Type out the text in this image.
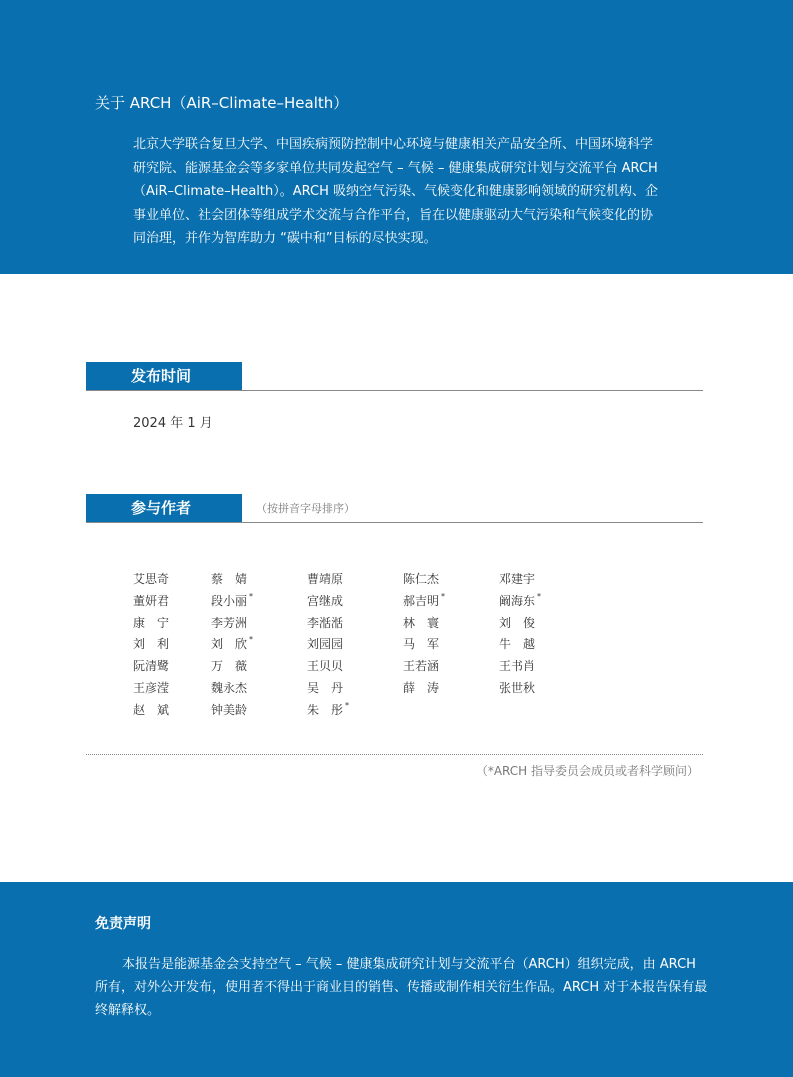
关于 ARCH（AiR–Climate–Health）

北京大学联合复旦大学、中国疾病预防控制中心环境与健康相关产品安全所、中国环境科学
研究院、能源基金会等多家单位共同发起空气 – 气候 – 健康集成研究计划与交流平台 ARCH
（AiR–Climate–Health）。ARCH 吸纳空气污染、气候变化和健康影响领域的研究机构、企
事业单位、社会团体等组成学术交流与合作平台，旨在以健康驱动大气污染和气候变化的协
同治理，并作为智库助力 “碳中和”目标的尽快实现。

发布时间
2024 年 1 月
参与作者	（按拼音字母排序）
艾思奇
董妍君
康　宁
刘　利
阮清鹭
王彦滢
赵　斌
蔡　婧
段小丽 *
李芳洲
刘　欣 *
万　薇
魏永杰
钟美龄
曹靖原
宫继成
李湉湉
刘园园
王贝贝
吴　丹
朱　彤 *
陈仁杰
郝吉明 *
林　寰
马　军
王若涵
薛　涛
邓建宇
阚海东 *
刘　俊
牛　越
王书肖
张世秋
（*ARCH 指导委员会成员或者科学顾问）
免责声明

本报告是能源基金会支持空气 – 气候 – 健康集成研究计划与交流平台（ARCH）组织完成，由 ARCH 所有，对外公开发布，使用者不得出于商业目的销售、传播或制作相关衍生作品。ARCH 对于本报告保有最终解释权。
